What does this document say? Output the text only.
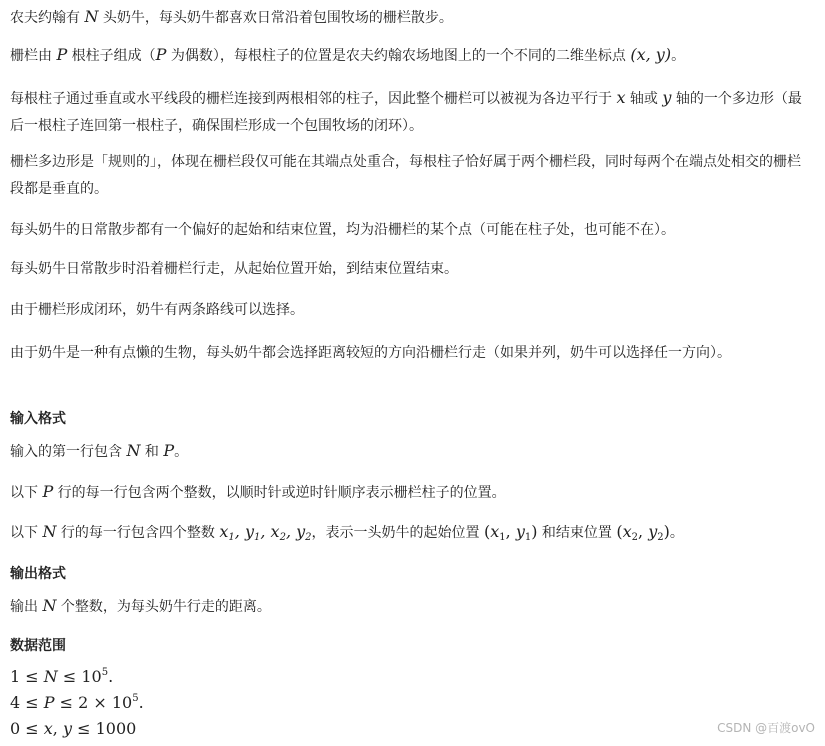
农夫约翰有 N 头奶牛，每头奶牛都喜欢日常沿着包围牧场的栅栏散步。
栅栏由 P 根柱子组成（P 为偶数），每根柱子的位置是农夫约翰农场地图上的一个不同的二维坐标点 (x, y)。
每根柱子通过垂直或水平线段的栅栏连接到两根相邻的柱子，因此整个栅栏可以被视为各边平行于 x 轴或 y 轴的一个多边形（最后一根柱子连回第一根柱子，确保围栏形成一个包围牧场的闭环）。
栅栏多边形是「规则的」，体现在栅栏段仅可能在其端点处重合，每根柱子恰好属于两个栅栏段，同时每两个在端点处相交的栅栏段都是垂直的。
每头奶牛的日常散步都有一个偏好的起始和结束位置，均为沿栅栏的某个点（可能在柱子处，也可能不在）。
每头奶牛日常散步时沿着栅栏行走，从起始位置开始，到结束位置结束。
由于栅栏形成闭环，奶牛有两条路线可以选择。
由于奶牛是一种有点懒的生物，每头奶牛都会选择距离较短的方向沿栅栏行走（如果并列，奶牛可以选择任一方向）。
输入格式
输入的第一行包含 N 和 P。
以下 P 行的每一行包含两个整数，以顺时针或逆时针顺序表示栅栏柱子的位置。
以下 N 行的每一行包含四个整数 $x_1$, $y_1$, $x_2$, $y_2$，表示一头奶牛的起始位置 ($x_1$, $y_1$) 和结束位置 ($x_2$, $y_2$)。
输出格式
输出 N 个整数，为每头奶牛行走的距离。
数据范围
$1 \le N \le 10^5$.
$4 \le P \le 2 \times 10^5$.
0 ≤ x, y ≤ 1000	CSDN @百渡ovO
